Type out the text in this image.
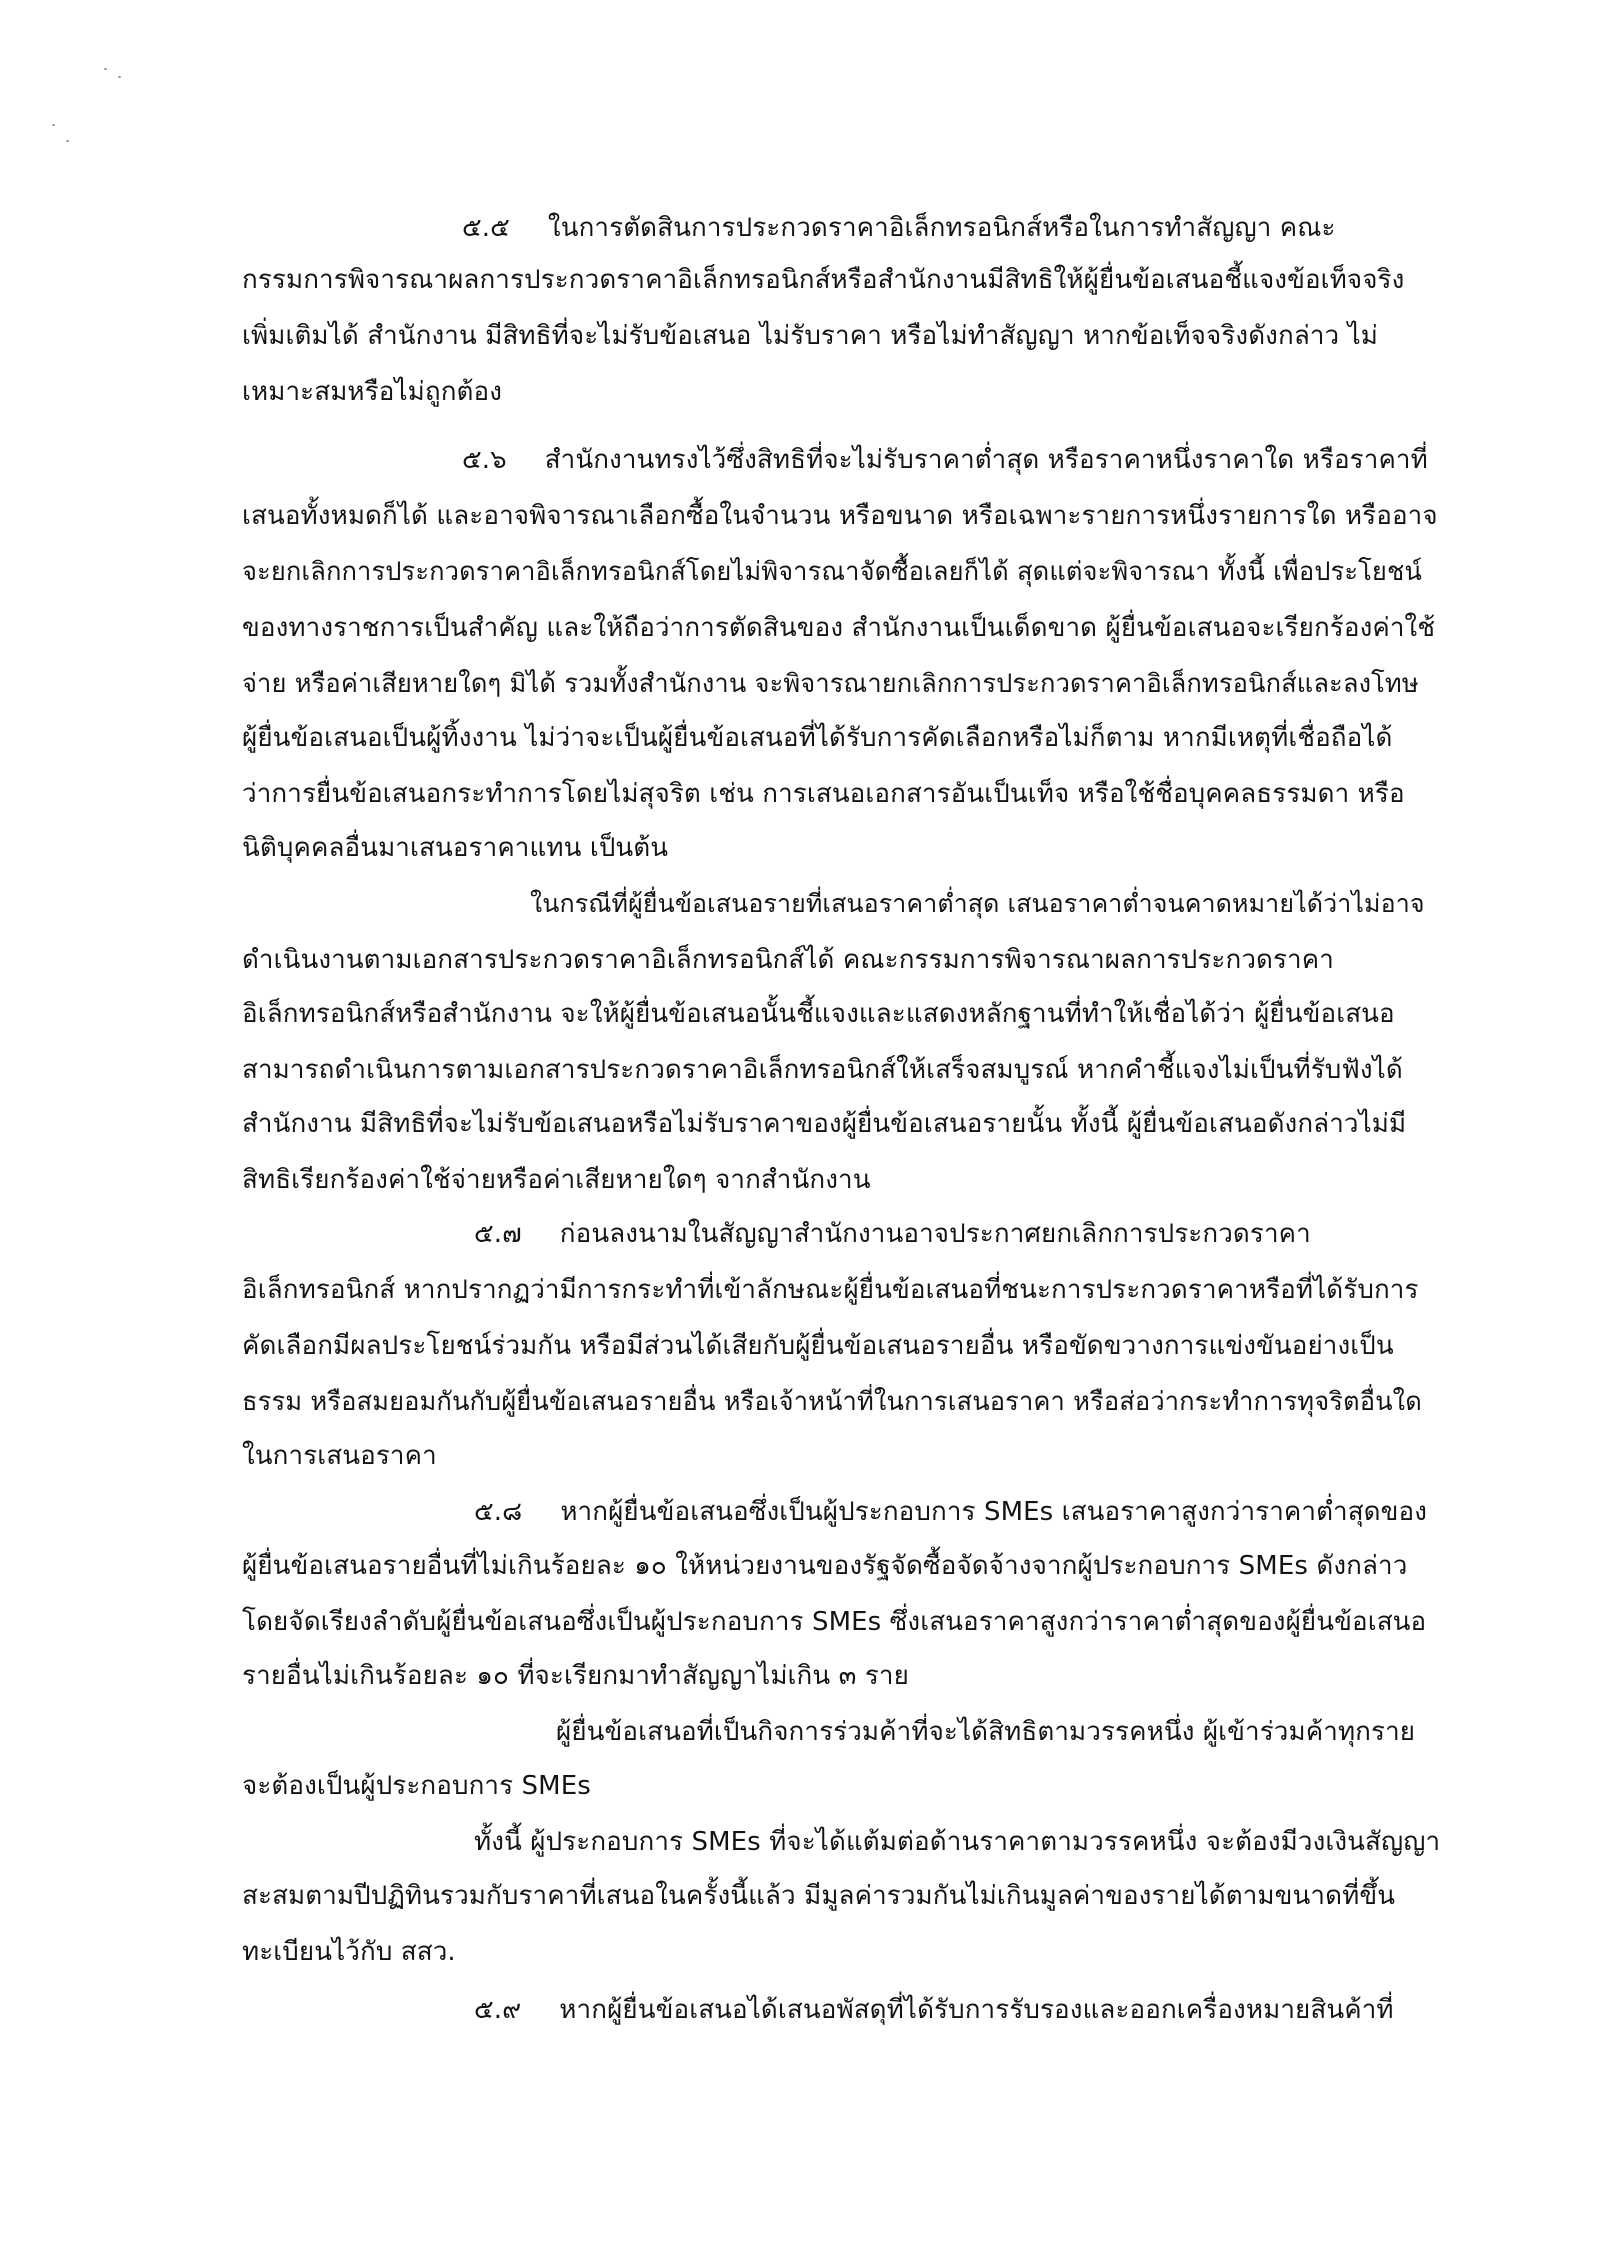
๕.๕ ในการตัดสินการประกวดราคาอิเล็กทรอนิกส์หรือในการทำสัญญา คณะ
กรรมการพิจารณาผลการประกวดราคาอิเล็กทรอนิกส์หรือสำนักงานมีสิทธิให้ผู้ยื่นข้อเสนอชี้แจงข้อเท็จจริง
เพิ่มเติมได้ สำนักงาน มีสิทธิที่จะไม่รับข้อเสนอ ไม่รับราคา หรือไม่ทำสัญญา หากข้อเท็จจริงดังกล่าว ไม่
เหมาะสมหรือไม่ถูกต้อง
๕.๖ สำนักงานทรงไว้ซึ่งสิทธิที่จะไม่รับราคาต่ำสุด หรือราคาหนึ่งราคาใด หรือราคาที่
เสนอทั้งหมดก็ได้ และอาจพิจารณาเลือกซื้อในจำนวน หรือขนาด หรือเฉพาะรายการหนึ่งรายการใด หรืออาจ
จะยกเลิกการประกวดราคาอิเล็กทรอนิกส์โดยไม่พิจารณาจัดซื้อเลยก็ได้ สุดแต่จะพิจารณา ทั้งนี้ เพื่อประโยชน์
ของทางราชการเป็นสำคัญ และให้ถือว่าการตัดสินของ สำนักงานเป็นเด็ดขาด ผู้ยื่นข้อเสนอจะเรียกร้องค่าใช้
จ่าย หรือค่าเสียหายใดๆ มิได้ รวมทั้งสำนักงาน จะพิจารณายกเลิกการประกวดราคาอิเล็กทรอนิกส์และลงโทษ
ผู้ยื่นข้อเสนอเป็นผู้ทิ้งงาน ไม่ว่าจะเป็นผู้ยื่นข้อเสนอที่ได้รับการคัดเลือกหรือไม่ก็ตาม หากมีเหตุที่เชื่อถือได้
ว่าการยื่นข้อเสนอกระทำการโดยไม่สุจริต เช่น การเสนอเอกสารอันเป็นเท็จ หรือใช้ชื่อบุคคลธรรมดา หรือ
นิติบุคคลอื่นมาเสนอราคาแทน เป็นต้น
ในกรณีที่ผู้ยื่นข้อเสนอรายที่เสนอราคาต่ำสุด เสนอราคาต่ำจนคาดหมายได้ว่าไม่อาจ
ดำเนินงานตามเอกสารประกวดราคาอิเล็กทรอนิกส์ได้ คณะกรรมการพิจารณาผลการประกวดราคา
อิเล็กทรอนิกส์หรือสำนักงาน จะให้ผู้ยื่นข้อเสนอนั้นชี้แจงและแสดงหลักฐานที่ทำให้เชื่อได้ว่า ผู้ยื่นข้อเสนอ
สามารถดำเนินการตามเอกสารประกวดราคาอิเล็กทรอนิกส์ให้เสร็จสมบูรณ์ หากคำชี้แจงไม่เป็นที่รับฟังได้
สำนักงาน มีสิทธิที่จะไม่รับข้อเสนอหรือไม่รับราคาของผู้ยื่นข้อเสนอรายนั้น ทั้งนี้ ผู้ยื่นข้อเสนอดังกล่าวไม่มี
สิทธิเรียกร้องค่าใช้จ่ายหรือค่าเสียหายใดๆ จากสำนักงาน
๕.๗ ก่อนลงนามในสัญญาสำนักงานอาจประกาศยกเลิกการประกวดราคา
อิเล็กทรอนิกส์ หากปรากฏว่ามีการกระทำที่เข้าลักษณะผู้ยื่นข้อเสนอที่ชนะการประกวดราคาหรือที่ได้รับการ
คัดเลือกมีผลประโยชน์ร่วมกัน หรือมีส่วนได้เสียกับผู้ยื่นข้อเสนอรายอื่น หรือขัดขวางการแข่งขันอย่างเป็น
ธรรม หรือสมยอมกันกับผู้ยื่นข้อเสนอรายอื่น หรือเจ้าหน้าที่ในการเสนอราคา หรือส่อว่ากระทำการทุจริตอื่นใด
ในการเสนอราคา
๕.๘ หากผู้ยื่นข้อเสนอซึ่งเป็นผู้ประกอบการ SMEs เสนอราคาสูงกว่าราคาต่ำสุดของ
ผู้ยื่นข้อเสนอรายอื่นที่ไม่เกินร้อยละ ๑๐ ให้หน่วยงานของรัฐจัดซื้อจัดจ้างจากผู้ประกอบการ SMEs ดังกล่าว
โดยจัดเรียงลำดับผู้ยื่นข้อเสนอซึ่งเป็นผู้ประกอบการ SMEs ซึ่งเสนอราคาสูงกว่าราคาต่ำสุดของผู้ยื่นข้อเสนอ
รายอื่นไม่เกินร้อยละ ๑๐ ที่จะเรียกมาทำสัญญาไม่เกิน ๓ ราย
ผู้ยื่นข้อเสนอที่เป็นกิจการร่วมค้าที่จะได้สิทธิตามวรรคหนึ่ง ผู้เข้าร่วมค้าทุกราย
จะต้องเป็นผู้ประกอบการ SMEs
ทั้งนี้ ผู้ประกอบการ SMEs ที่จะได้แต้มต่อด้านราคาตามวรรคหนึ่ง จะต้องมีวงเงินสัญญา
สะสมตามปีปฏิทินรวมกับราคาที่เสนอในครั้งนี้แล้ว มีมูลค่ารวมกันไม่เกินมูลค่าของรายได้ตามขนาดที่ขึ้น
ทะเบียนไว้กับ สสว.
๕.๙ หากผู้ยื่นข้อเสนอได้เสนอพัสดุที่ได้รับการรับรองและออกเครื่องหมายสินค้าที่
